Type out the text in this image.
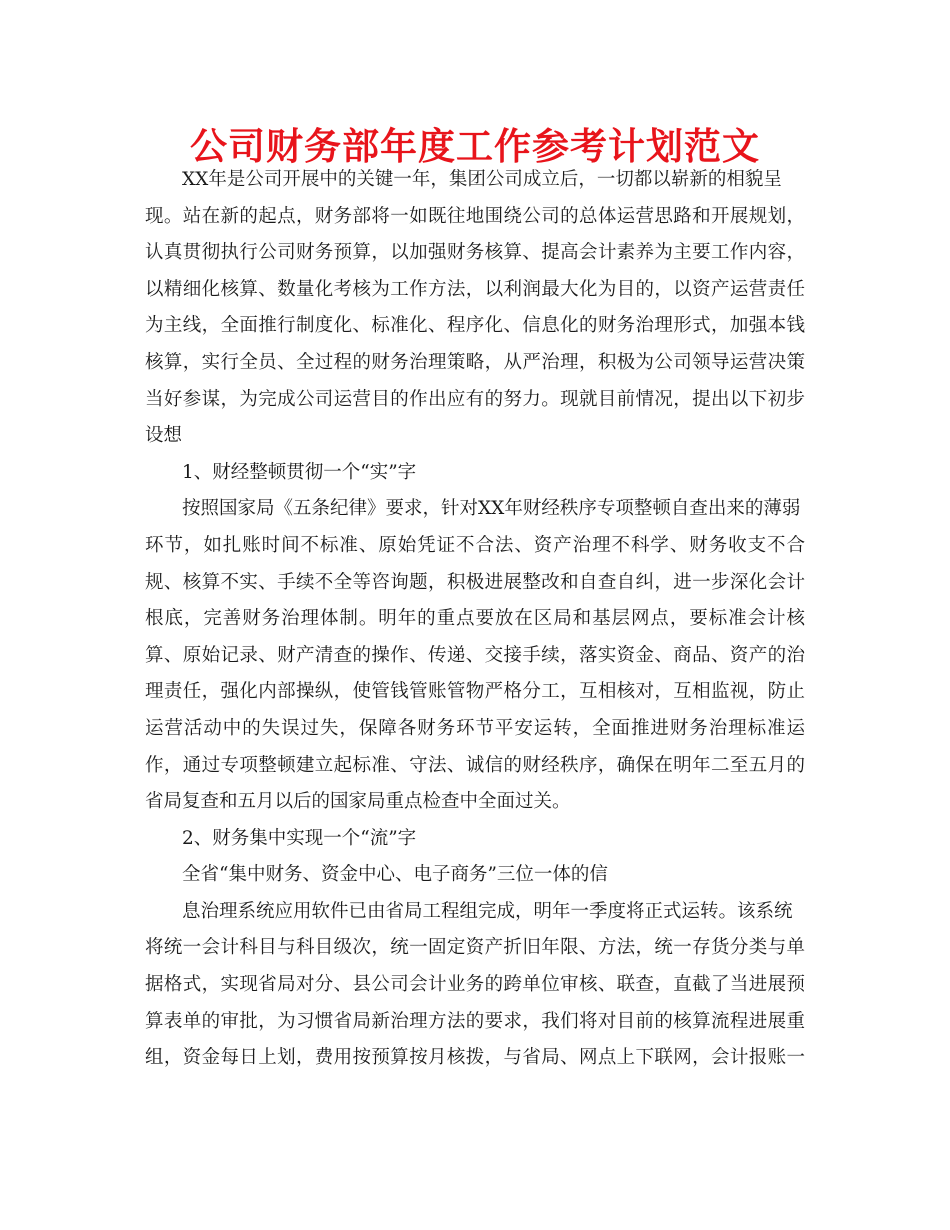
公司财务部年度工作参考计划范文
XX年是公司开展中的关键一年，集团公司成立后，一切都以崭新的相貌呈
现。站在新的起点，财务部将一如既往地围绕公司的总体运营思路和开展规划，
认真贯彻执行公司财务预算，以加强财务核算、提高会计素养为主要工作内容，
以精细化核算、数量化考核为工作方法，以利润最大化为目的，以资产运营责任
为主线，全面推行制度化、标准化、程序化、信息化的财务治理形式，加强本钱
核算，实行全员、全过程的财务治理策略，从严治理，积极为公司领导运营决策
当好参谋，为完成公司运营目的作出应有的努力。现就目前情况，提出以下初步
设想
1、财经整顿贯彻一个“实”字
按照国家局《五条纪律》要求，针对XX年财经秩序专项整顿自查出来的薄弱
环节，如扎账时间不标准、原始凭证不合法、资产治理不科学、财务收支不合
规、核算不实、手续不全等咨询题，积极进展整改和自查自纠，进一步深化会计
根底，完善财务治理体制。明年的重点要放在区局和基层网点，要标准会计核
算、原始记录、财产清查的操作、传递、交接手续，落实资金、商品、资产的治
理责任，强化内部操纵，使管钱管账管物严格分工，互相核对，互相监视，防止
运营活动中的失误过失，保障各财务环节平安运转，全面推进财务治理标准运
作，通过专项整顿建立起标准、守法、诚信的财经秩序，确保在明年二至五月的
省局复查和五月以后的国家局重点检查中全面过关。
2、财务集中实现一个“流”字
全省“集中财务、资金中心、电子商务”三位一体的信
息治理系统应用软件已由省局工程组完成，明年一季度将正式运转。该系统
将统一会计科目与科目级次，统一固定资产折旧年限、方法，统一存货分类与单
据格式，实现省局对分、县公司会计业务的跨单位审核、联查，直截了当进展预
算表单的审批，为习惯省局新治理方法的要求，我们将对目前的核算流程进展重
组，资金每日上划，费用按预算按月核拨，与省局、网点上下联网，会计报账一
